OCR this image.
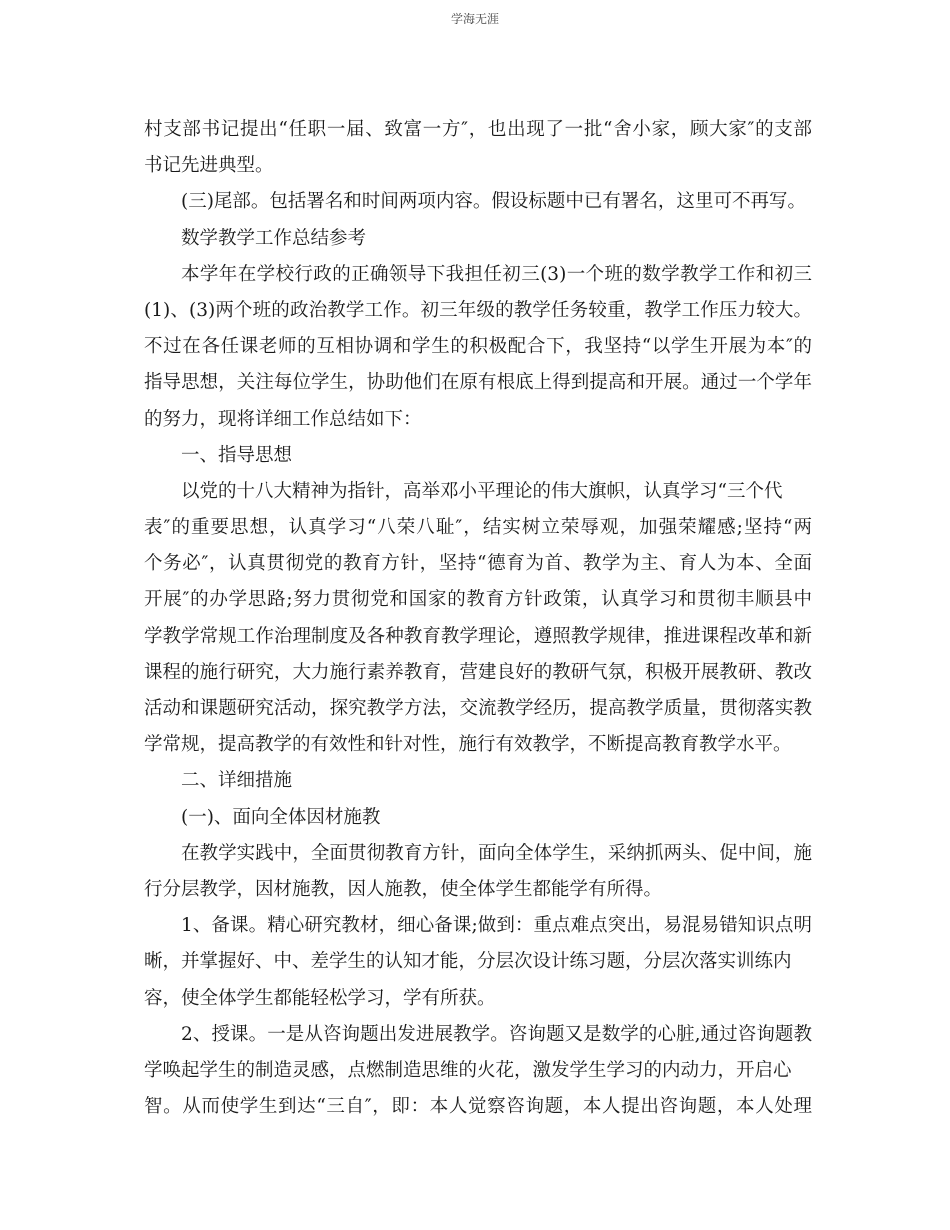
学海无涯
村支部书记提出“任职一届、致富一方″，也出现了一批“舍小家，顾大家″的支部
书记先进典型。
(三)尾部。包括署名和时间两项内容。假设标题中已有署名，这里可不再写。
数学教学工作总结参考
本学年在学校行政的正确领导下我担任初三(3)一个班的数学教学工作和初三
(1)、(3)两个班的政治教学工作。初三年级的教学任务较重，教学工作压力较大。
不过在各任课老师的互相协调和学生的积极配合下，我坚持“以学生开展为本″的
指导思想，关注每位学生，协助他们在原有根底上得到提高和开展。通过一个学年
的努力，现将详细工作总结如下：
一、指导思想
以党的十八大精神为指针，高举邓小平理论的伟大旗帜，认真学习“三个代
表″的重要思想，认真学习“八荣八耻″，结实树立荣辱观，加强荣耀感;坚持“两
个务必″，认真贯彻党的教育方针，坚持“德育为首、教学为主、育人为本、全面
开展″的办学思路;努力贯彻党和国家的教育方针政策，认真学习和贯彻丰顺县中
学教学常规工作治理制度及各种教育教学理论，遵照教学规律，推进课程改革和新
课程的施行研究，大力施行素养教育，营建良好的教研气氛，积极开展教研、教改
活动和课题研究活动，探究教学方法，交流教学经历，提高教学质量，贯彻落实教
学常规，提高教学的有效性和针对性，施行有效教学，不断提高教育教学水平。
二、详细措施
(一)、面向全体因材施教
在教学实践中，全面贯彻教育方针，面向全体学生，采纳抓两头、促中间，施
行分层教学，因材施教，因人施教，使全体学生都能学有所得。
1、备课。精心研究教材，细心备课;做到：重点难点突出，易混易错知识点明
晰，并掌握好、中、差学生的认知才能，分层次设计练习题，分层次落实训练内
容，使全体学生都能轻松学习，学有所获。
2、授课。一是从咨询题出发进展教学。咨询题又是数学的心脏,通过咨询题教
学唤起学生的制造灵感，点燃制造思维的火花，激发学生学习的内动力，开启心
智。从而使学生到达“三自″，即：本人觉察咨询题，本人提出咨询题，本人处理
